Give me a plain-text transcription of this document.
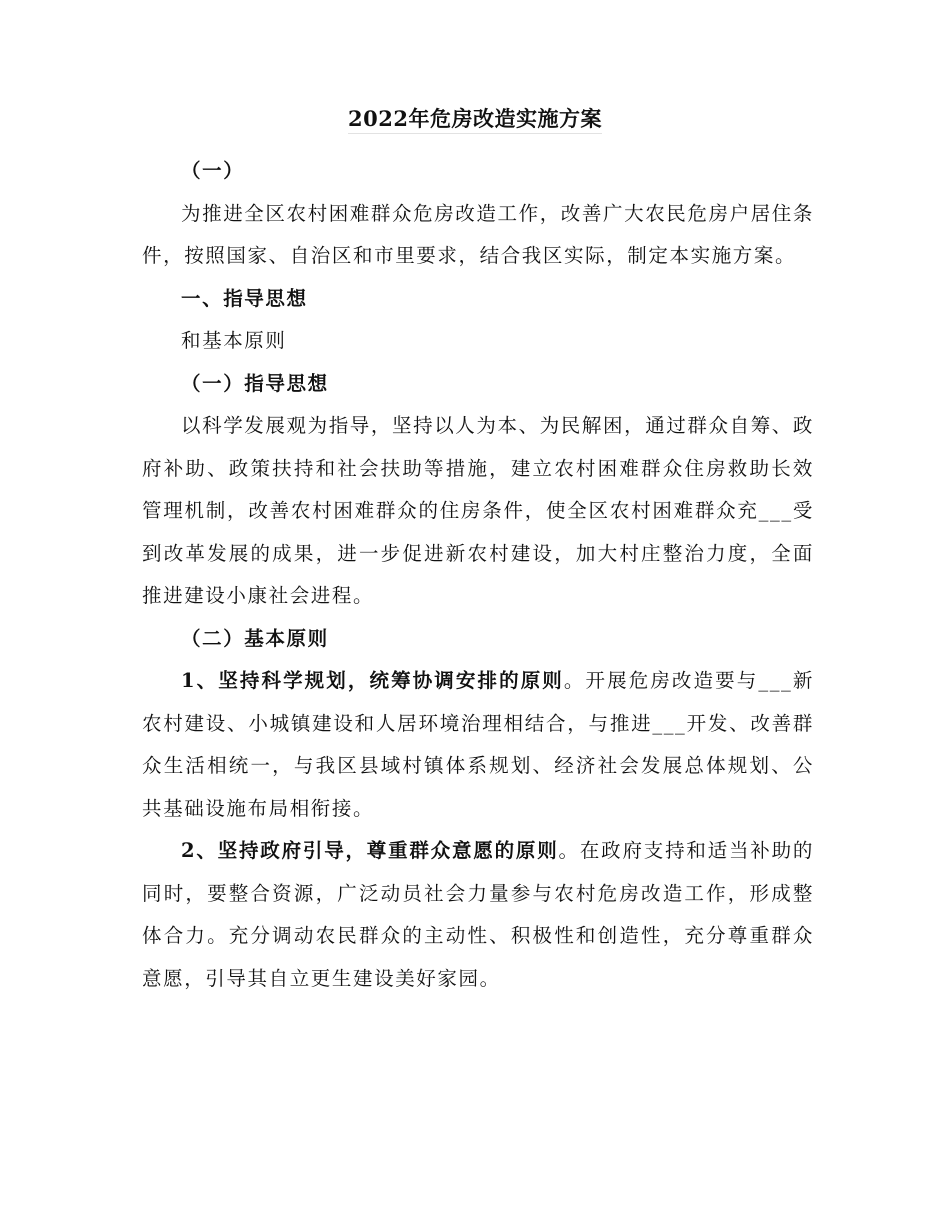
2022年危房改造实施方案

（一）

为推进全区农村困难群众危房改造工作，改善广大农民危房户居住条件，按照国家、自治区和市里要求，结合我区实际，制定本实施方案。

一、指导思想

和基本原则

（一）指导思想

以科学发展观为指导，坚持以人为本、为民解困，通过群众自筹、政府补助、政策扶持和社会扶助等措施，建立农村困难群众住房救助长效管理机制，改善农村困难群众的住房条件，使全区农村困难群众充___受到改革发展的成果，进一步促进新农村建设，加大村庄整治力度，全面推进建设小康社会进程。

（二）基本原则

1、坚持科学规划，统筹协调安排的原则。开展危房改造要与___新农村建设、小城镇建设和人居环境治理相结合，与推进___开发、改善群众生活相统一，与我区县域村镇体系规划、经济社会发展总体规划、公共基础设施布局相衔接。

2、坚持政府引导，尊重群众意愿的原则。在政府支持和适当补助的同时，要整合资源，广泛动员社会力量参与农村危房改造工作，形成整体合力。充分调动农民群众的主动性、积极性和创造性，充分尊重群众意愿，引导其自立更生建设美好家园。
